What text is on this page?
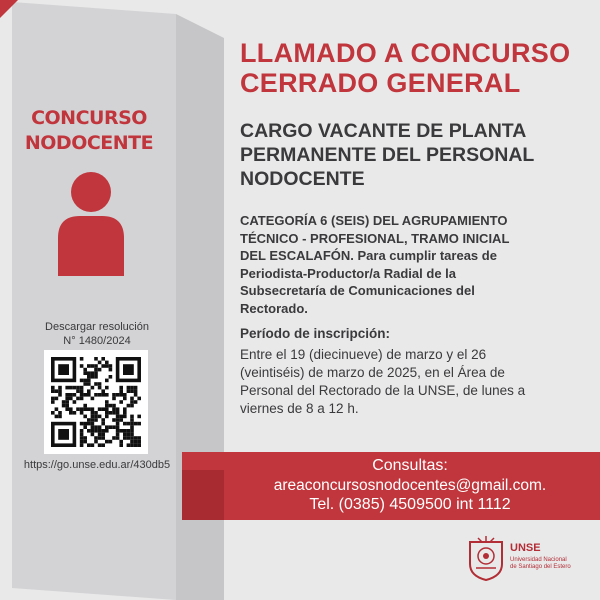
LLAMADO A CONCURSO
CERRADO GENERAL
CARGO VACANTE DE PLANTA
PERMANENTE DEL PERSONAL
NODOCENTE
CATEGORÍA 6 (SEIS) DEL AGRUPAMIENTO
TÉCNICO - PROFESIONAL, TRAMO INICIAL
DEL ESCALAFÓN. Para cumplir tareas de
Periodista-Productor/a Radial de la
Subsecretaría de Comunicaciones del
Rectorado.
Período de inscripción:
Entre el 19 (diecinueve) de marzo y el 26
(veintiséis) de marzo de 2025, en el Área de
Personal del Rectorado de la UNSE, de lunes a
viernes de 8 a 12 h.
CONCURSO
NODOCENTE
Descargar resolución
N° 1480/2024
https://go.unse.edu.ar/430db5	Consultas:
areaconcursosnodocentes@gmail.com.
Tel. (0385) 4509500 int 1112
UNSE
Universidad Nacional
de Santiago del Estero
